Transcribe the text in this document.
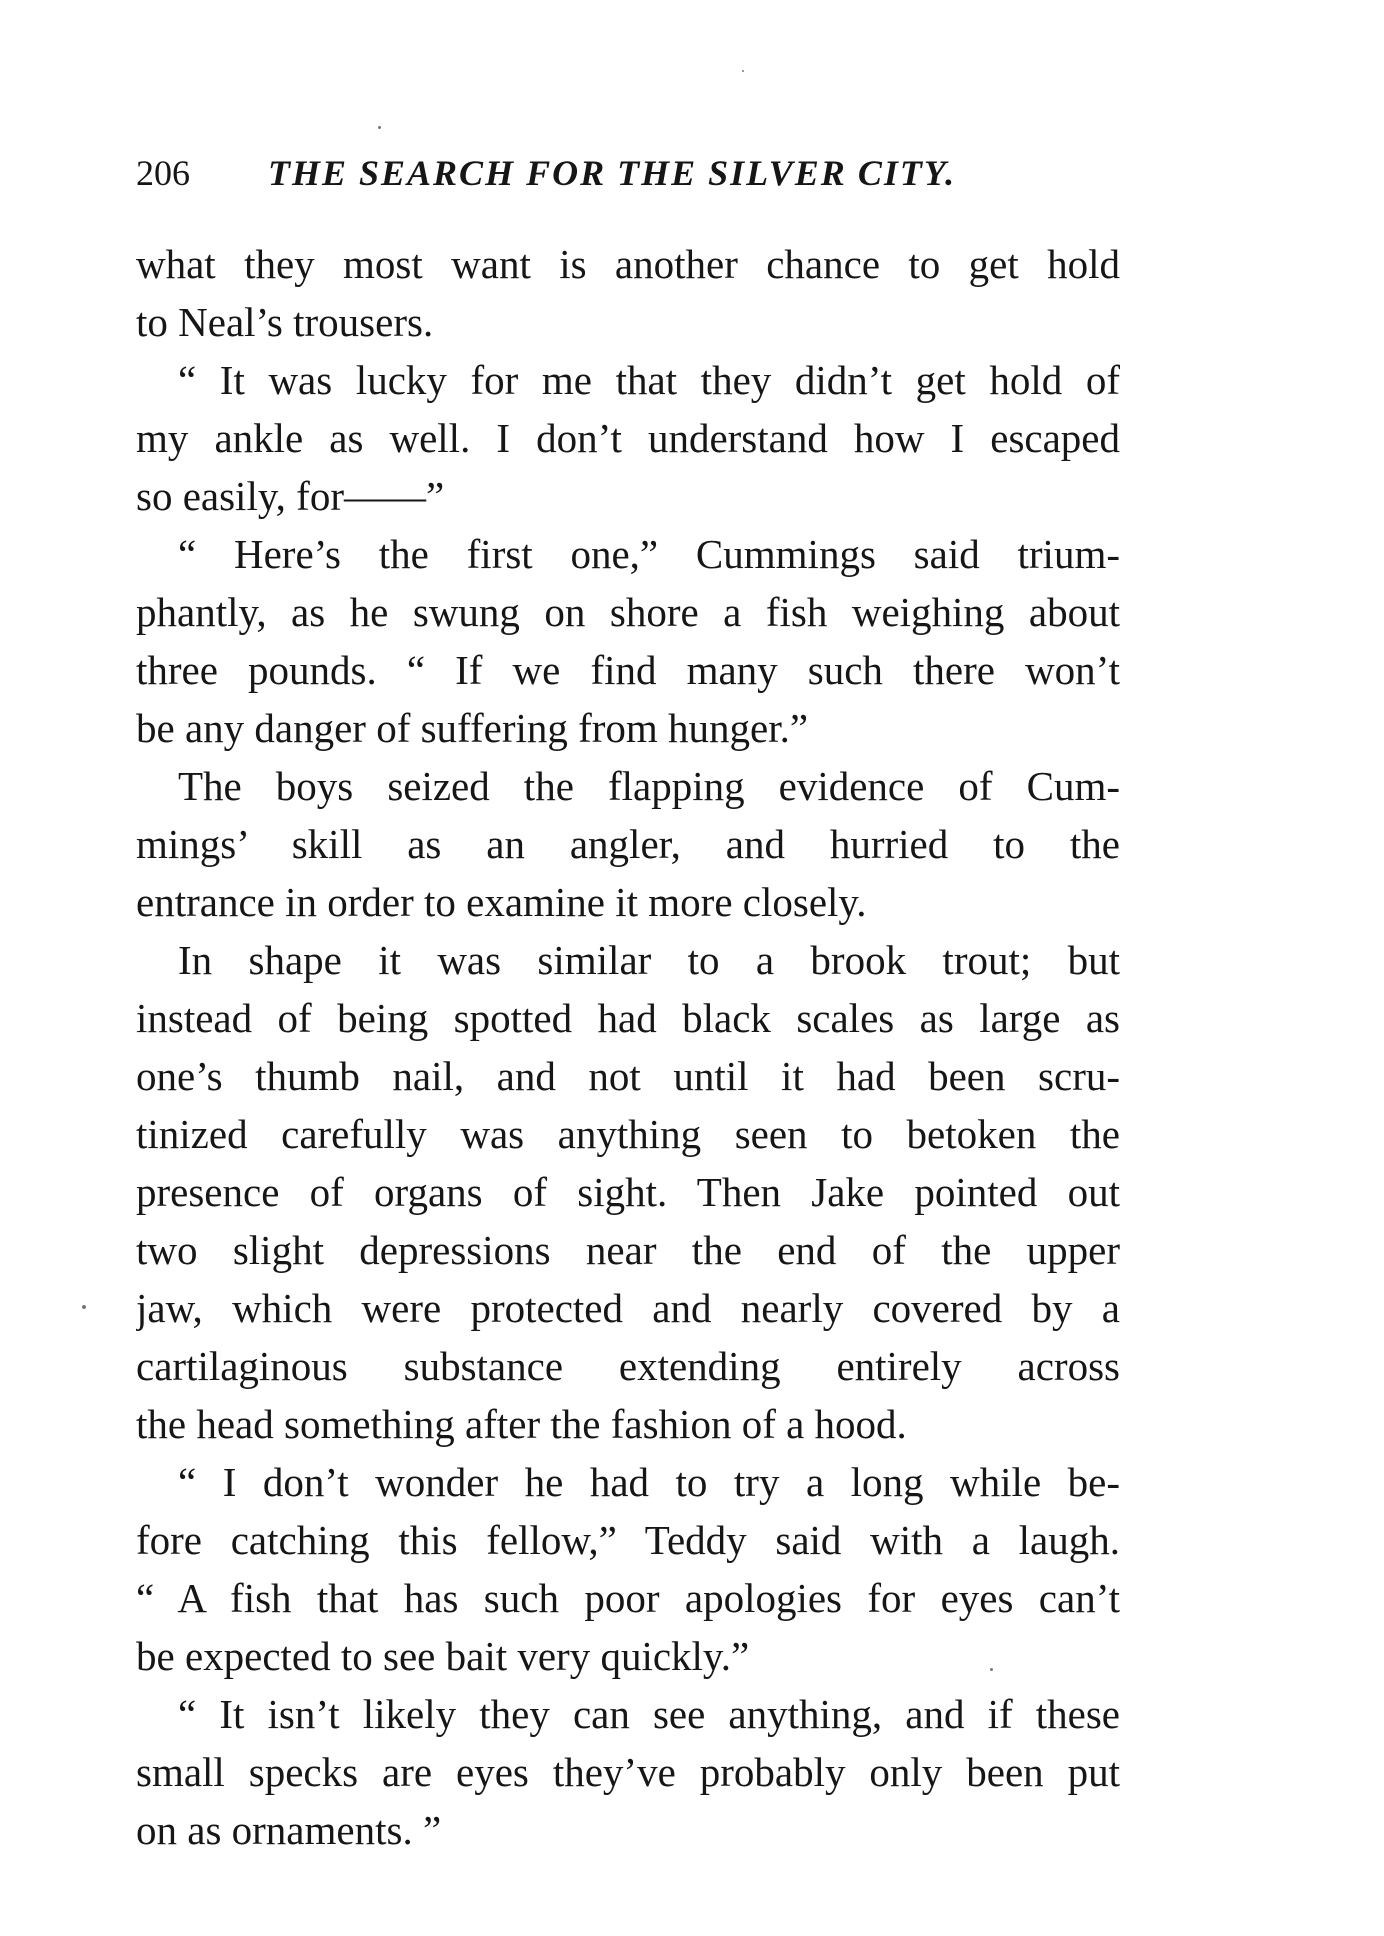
206 THE SEARCH FOR THE SILVER CITY.
what they most want is another chance to get hold
to Neal’s trousers.
“ It was lucky for me that they didn’t get hold of
my ankle as well. I don’t understand how I escaped
so easily, for——”
“ Here’s the first one,” Cummings said trium-
phantly, as he swung on shore a fish weighing about
three pounds. “ If we find many such there won’t
be any danger of suffering from hunger.”
The boys seized the flapping evidence of Cum-
mings’ skill as an angler, and hurried to the
entrance in order to examine it more closely.
In shape it was similar to a brook trout; but
instead of being spotted had black scales as large as
one’s thumb nail, and not until it had been scru-
tinized carefully was anything seen to betoken the
presence of organs of sight. Then Jake pointed out
two slight depressions near the end of the upper
jaw, which were protected and nearly covered by a
cartilaginous substance extending entirely across
the head something after the fashion of a hood.
“ I don’t wonder he had to try a long while be-
fore catching this fellow,” Teddy said with a laugh.
“ A fish that has such poor apologies for eyes can’t
be expected to see bait very quickly.”
“ It isn’t likely they can see anything, and if these
small specks are eyes they’ve probably only been put
on as ornaments. ”
